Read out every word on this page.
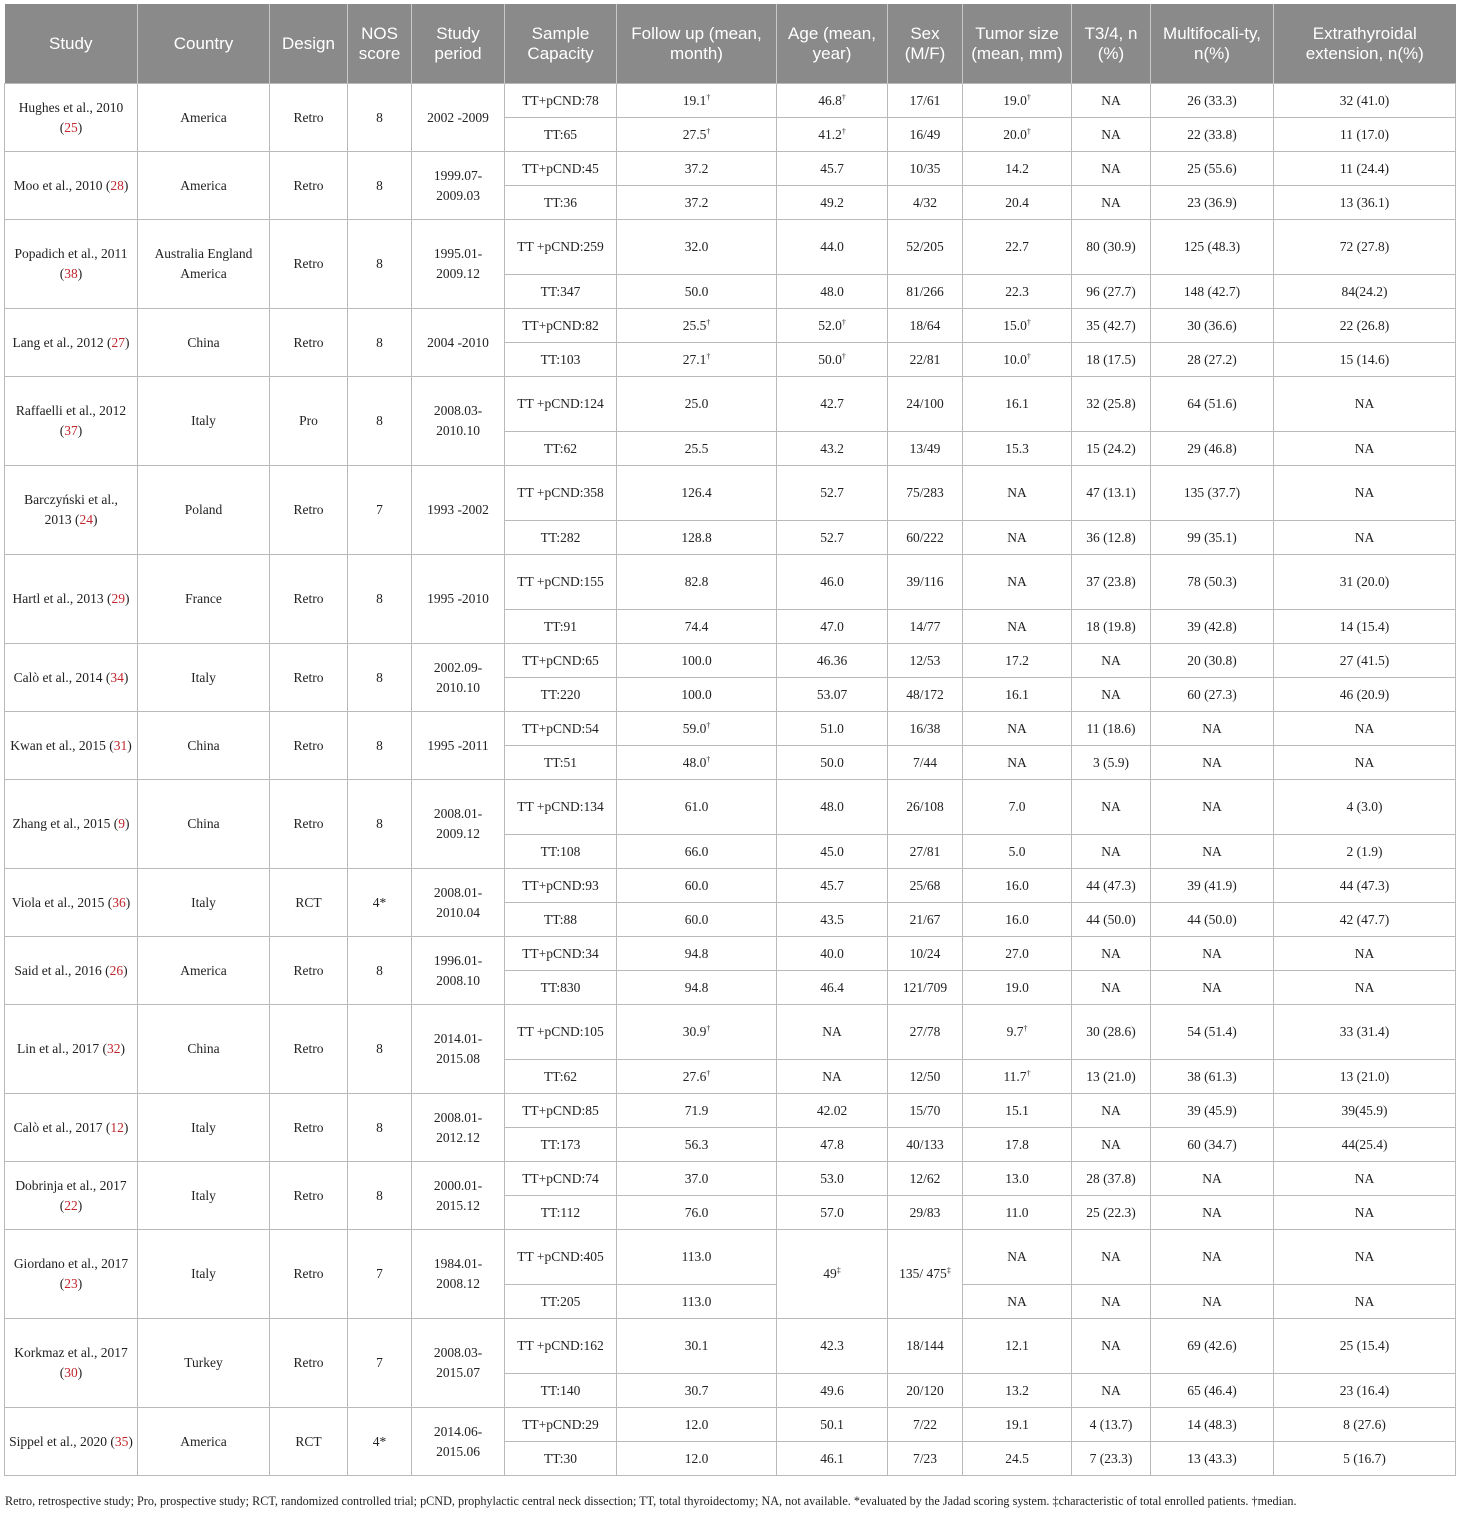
Study	Country	Design	NOS score	Study period	Sample Capacity	Follow up (mean, month)	Age (mean, year)	Sex (M/F)	Tumor size (mean, mm)	T3/4, n (%)	Multifocali-ty, n(%)	Extrathyroidal extension, n(%)
Hughes et al., 2010 (25)	America	Retro	8	2002 -2009	TT+pCND:78	19.1†	46.8†	17/61	19.0†	NA	26 (33.3)	32 (41.0)
					TT:65	27.5†	41.2†	16/49	20.0†	NA	22 (33.8)	11 (17.0)
Moo et al., 2010 (28)	America	Retro	8	1999.07-2009.03	TT+pCND:45	37.2	45.7	10/35	14.2	NA	25 (55.6)	11 (24.4)
					TT:36	37.2	49.2	4/32	20.4	NA	23 (36.9)	13 (36.1)
Popadich et al., 2011 (38)	Australia England America	Retro	8	1995.01-2009.12	TT +pCND:259	32.0	44.0	52/205	22.7	80 (30.9)	125 (48.3)	72 (27.8)
					TT:347	50.0	48.0	81/266	22.3	96 (27.7)	148 (42.7)	84(24.2)
Lang et al., 2012 (27)	China	Retro	8	2004 -2010	TT+pCND:82	25.5†	52.0†	18/64	15.0†	35 (42.7)	30 (36.6)	22 (26.8)
					TT:103	27.1†	50.0†	22/81	10.0†	18 (17.5)	28 (27.2)	15 (14.6)
Raffaelli et al., 2012 (37)	Italy	Pro	8	2008.03-2010.10	TT +pCND:124	25.0	42.7	24/100	16.1	32 (25.8)	64 (51.6)	NA
					TT:62	25.5	43.2	13/49	15.3	15 (24.2)	29 (46.8)	NA
Barczyński et al., 2013 (24)	Poland	Retro	7	1993 -2002	TT +pCND:358	126.4	52.7	75/283	NA	47 (13.1)	135 (37.7)	NA
					TT:282	128.8	52.7	60/222	NA	36 (12.8)	99 (35.1)	NA
Hartl et al., 2013 (29)	France	Retro	8	1995 -2010	TT +pCND:155	82.8	46.0	39/116	NA	37 (23.8)	78 (50.3)	31 (20.0)
					TT:91	74.4	47.0	14/77	NA	18 (19.8)	39 (42.8)	14 (15.4)
Calò et al., 2014 (34)	Italy	Retro	8	2002.09-2010.10	TT+pCND:65	100.0	46.36	12/53	17.2	NA	20 (30.8)	27 (41.5)
					TT:220	100.0	53.07	48/172	16.1	NA	60 (27.3)	46 (20.9)
Kwan et al., 2015 (31)	China	Retro	8	1995 -2011	TT+pCND:54	59.0†	51.0	16/38	NA	11 (18.6)	NA	NA
					TT:51	48.0†	50.0	7/44	NA	3 (5.9)	NA	NA
Zhang et al., 2015 (9)	China	Retro	8	2008.01-2009.12	TT +pCND:134	61.0	48.0	26/108	7.0	NA	NA	4 (3.0)
					TT:108	66.0	45.0	27/81	5.0	NA	NA	2 (1.9)
Viola et al., 2015 (36)	Italy	RCT	4*	2008.01-2010.04	TT+pCND:93	60.0	45.7	25/68	16.0	44 (47.3)	39 (41.9)	44 (47.3)
					TT:88	60.0	43.5	21/67	16.0	44 (50.0)	44 (50.0)	42 (47.7)
Said et al., 2016 (26)	America	Retro	8	1996.01-2008.10	TT+pCND:34	94.8	40.0	10/24	27.0	NA	NA	NA
					TT:830	94.8	46.4	121/709	19.0	NA	NA	NA
Lin et al., 2017 (32)	China	Retro	8	2014.01-2015.08	TT +pCND:105	30.9†	NA	27/78	9.7†	30 (28.6)	54 (51.4)	33 (31.4)
					TT:62	27.6†	NA	12/50	11.7†	13 (21.0)	38 (61.3)	13 (21.0)
Calò et al., 2017 (12)	Italy	Retro	8	2008.01-2012.12	TT+pCND:85	71.9	42.02	15/70	15.1	NA	39 (45.9)	39(45.9)
					TT:173	56.3	47.8	40/133	17.8	NA	60 (34.7)	44(25.4)
Dobrinja et al., 2017 (22)	Italy	Retro	8	2000.01-2015.12	TT+pCND:74	37.0	53.0	12/62	13.0	28 (37.8)	NA	NA
					TT:112	76.0	57.0	29/83	11.0	25 (22.3)	NA	NA
Giordano et al., 2017 (23)	Italy	Retro	7	1984.01-2008.12	TT +pCND:405	113.0	49‡	135/ 475‡	NA	NA	NA	NA
					TT:205	113.0			NA	NA	NA	NA
Korkmaz et al., 2017 (30)	Turkey	Retro	7	2008.03-2015.07	TT +pCND:162	30.1	42.3	18/144	12.1	NA	69 (42.6)	25 (15.4)
					TT:140	30.7	49.6	20/120	13.2	NA	65 (46.4)	23 (16.4)
Sippel et al., 2020 (35)	America	RCT	4*	2014.06-2015.06	TT+pCND:29	12.0	50.1	7/22	19.1	4 (13.7)	14 (48.3)	8 (27.6)
					TT:30	12.0	46.1	7/23	24.5	7 (23.3)	13 (43.3)	5 (16.7)
Retro, retrospective study; Pro, prospective study; RCT, randomized controlled trial; pCND, prophylactic central neck dissection; TT, total thyroidectomy; NA, not available. *evaluated by the Jadad scoring system. ‡characteristic of total enrolled patients. †median.
